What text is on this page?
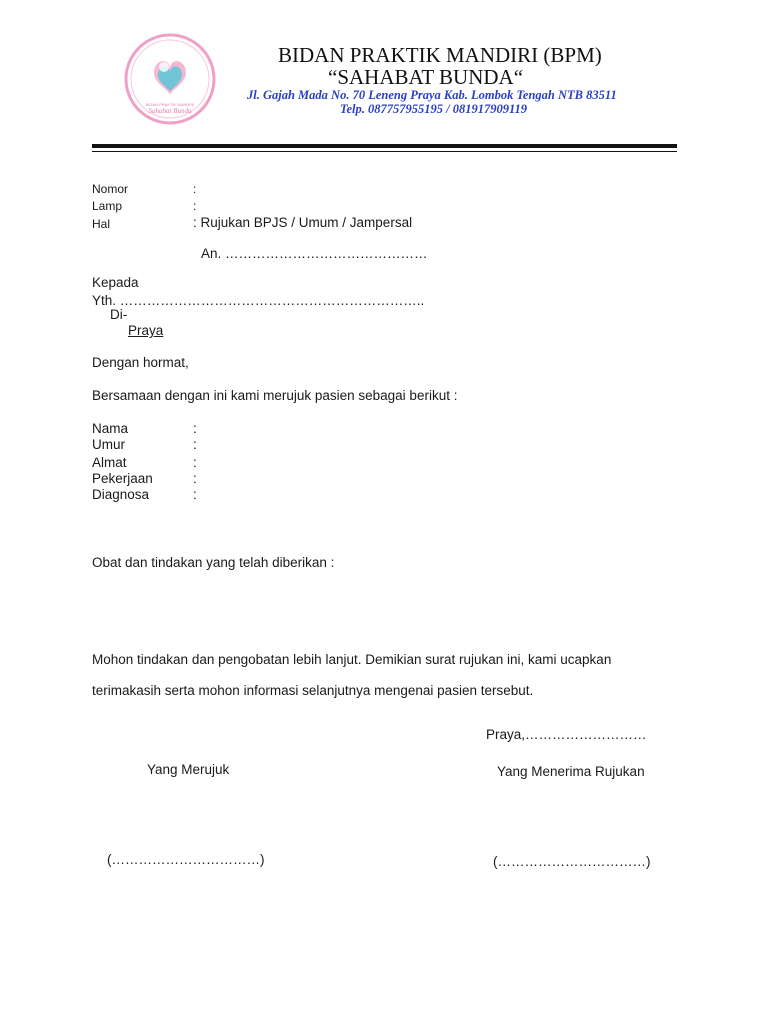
BIDAN PRAKTIK MANDIRI
Sahabat Bunda
BIDAN PRAKTIK MANDIRI (BPM)
“SAHABAT BUNDA“
Jl. Gajah Mada No. 70 Leneng Praya Kab. Lombok Tengah NTB 83511
Telp. 087757955195 / 081917909119
Nomor	:
Lamp	:
Hal	: Rujukan BPJS / Umum / Jampersal
An. ………………………………………
Kepada
Yth. …………………………………………………………..
Di-
Praya
Dengan hormat,
Bersamaan dengan ini kami merujuk pasien sebagai berikut :
Nama	:
Umur	:
Almat	:
Pekerjaan	:
Diagnosa	:
Obat dan tindakan yang telah diberikan :
Mohon tindakan dan pengobatan lebih lanjut. Demikian surat rujukan ini, kami ucapkan
terimakasih serta mohon informasi selanjutnya mengenai pasien tersebut.
Praya,………………………
Yang Merujuk	Yang Menerima Rujukan
(……………………………)	(……………………………)
